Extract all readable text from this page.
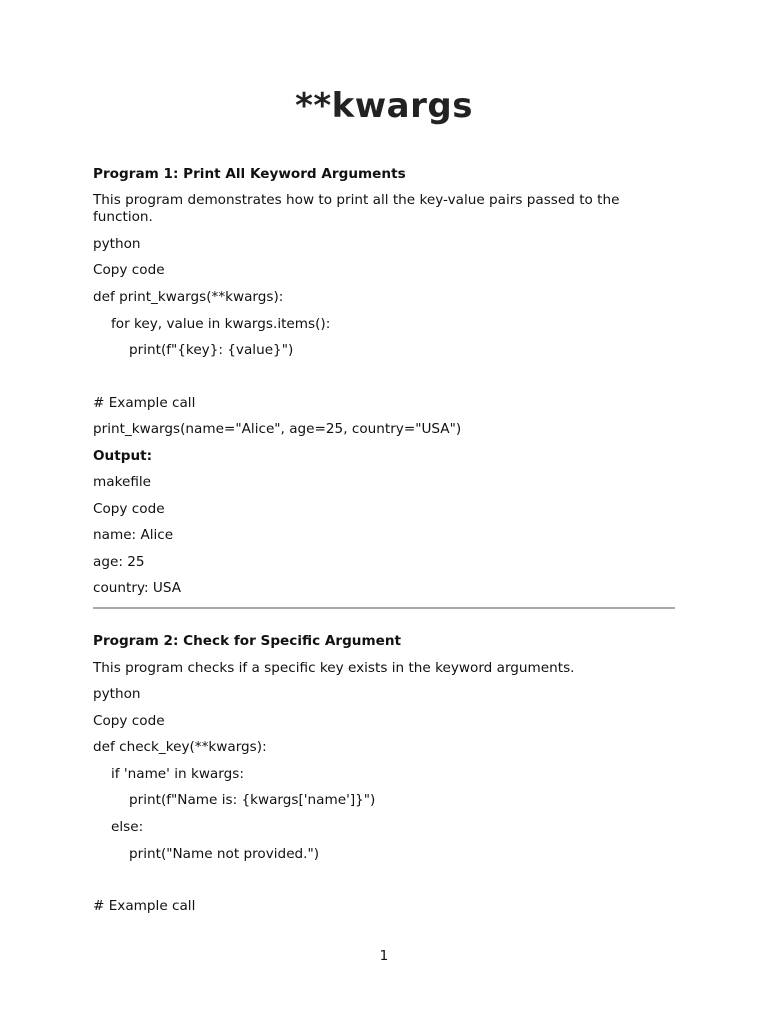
**kwargs
Program 1: Print All Keyword Arguments
This program demonstrates how to print all the key-value pairs passed to the function.
python
Copy code
def print_kwargs(**kwargs):
for key, value in kwargs.items():
print(f"{key}: {value}")
# Example call
print_kwargs(name="Alice", age=25, country="USA")
Output:
makefile
Copy code
name: Alice
age: 25
country: USA
Program 2: Check for Specific Argument
This program checks if a specific key exists in the keyword arguments.
python
Copy code
def check_key(**kwargs):
if 'name' in kwargs:
print(f"Name is: {kwargs['name']}")
else:
print("Name not provided.")
# Example call
1
